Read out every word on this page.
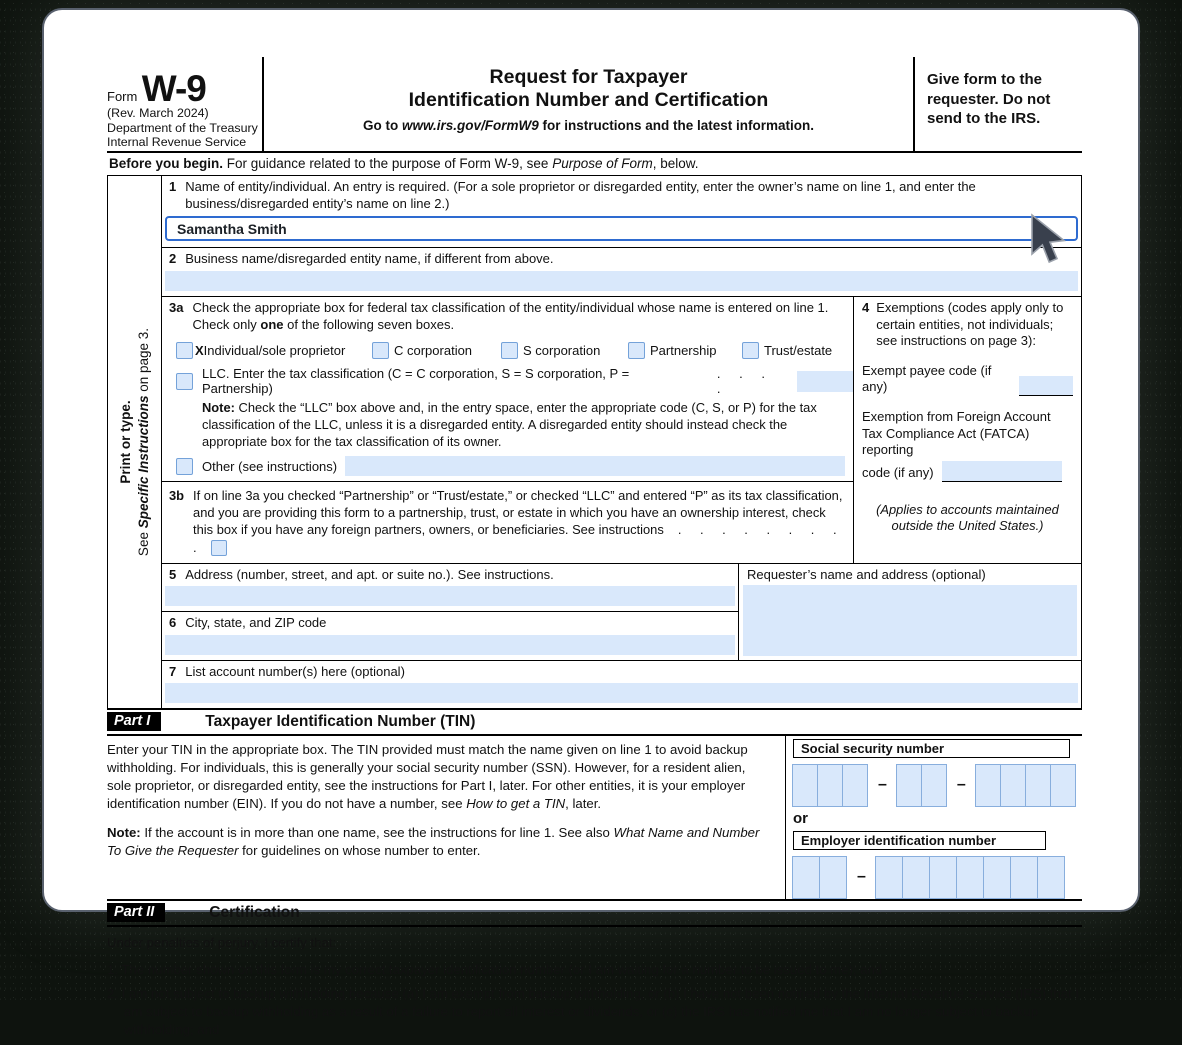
Form W-9
(Rev. March 2024)
Department of the Treasury
Internal Revenue Service
Request for Taxpayer
Identification Number and Certification
Go to www.irs.gov/FormW9 for instructions and the latest information.
Give form to the requester. Do not send to the IRS.
Before you begin. For guidance related to the purpose of Form W-9, see Purpose of Form, below.
Print or type.
See Specific Instructions on page 3.
1 Name of entity/individual. An entry is required. (For a sole proprietor or disregarded entity, enter the owner’s name on line 1, and enter the business/disregarded entity’s name on line 2.)
Samantha Smith
2 Business name/disregarded entity name, if different from above.
3a Check the appropriate box for federal tax classification of the entity/individual whose name is entered on line 1. Check only one of the following seven boxes.
X Individual/sole proprietor	C corporation	S corporation	Partnership	Trust/estate
LLC. Enter the tax classification (C = C corporation, S = S corporation, P = Partnership)
. . . .
Note: Check the “LLC” box above and, in the entry space, enter the appropriate code (C, S, or P) for the tax classification of the LLC, unless it is a disregarded entity. A disregarded entity should instead check the appropriate box for the tax classification of its owner.
Other (see instructions)
3b If on line 3a you checked “Partnership” or “Trust/estate,” or checked “LLC” and entered “P” as its tax classification, and you are providing this form to a partnership, trust, or estate in which you have an ownership interest, check this box if you have any foreign partners, owners, or beneficiaries. See instructions . . . . . . . . .
4 Exemptions (codes apply only to certain entities, not individuals; see instructions on page 3):
Exempt payee code (if any)
Exemption from Foreign Account Tax Compliance Act (FATCA) reporting
code (if any)
(Applies to accounts maintained outside the United States.)
5 Address (number, street, and apt. or suite no.). See instructions.
6 City, state, and ZIP code
Requester’s name and address (optional)
7 List account number(s) here (optional)
Part I	Taxpayer Identification Number (TIN)

Enter your TIN in the appropriate box. The TIN provided must match the name given on line 1 to avoid backup withholding. For individuals, this is generally your social security number (SSN). However, for a resident alien, sole proprietor, or disregarded entity, see the instructions for Part I, later. For other entities, it is your employer identification number (EIN). If you do not have a number, see How to get a TIN, later.

Note: If the account is in more than one name, see the instructions for line 1. See also What Name and Number To Give the Requester for guidelines on whose number to enter.

Social security number
–	–
or
Employer identification number
–
Part II	Certification
Under penalties of perjury, I certify that:
1. The number shown on this form is my correct taxpayer identification number (or I am waiting for a number to be issued to me); and
2. I am not subject to backup withholding because (a) I am exempt from backup withholding, or (b) I have not been notified by the Internal Revenue Service (IRS) that I am subject to backup withholding as a result of a failure to report all interest or dividends, or (c) the IRS has notified me that I am no longer subject to backup withholding; and
